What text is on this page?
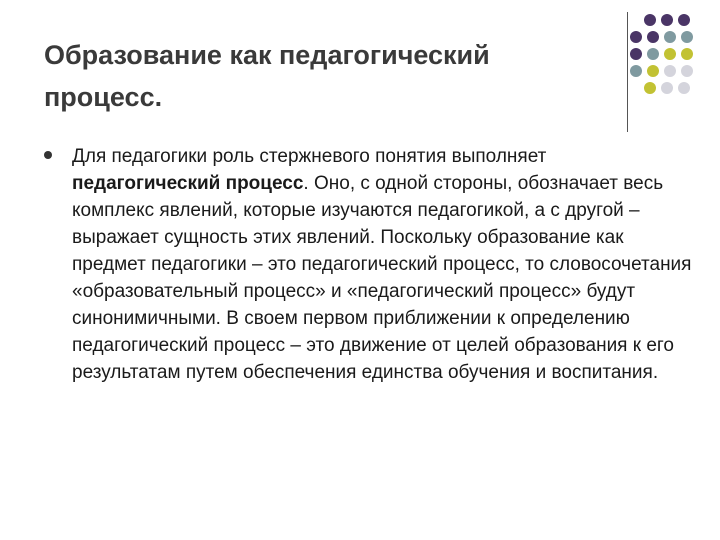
Образование как педагогический
процесс.

Для педагогики роль стержневого понятия выполняет педагогический процесс. Оно, с одной стороны, обозначает весь комплекс явлений, которые изучаются педагогикой, а с другой – выражает сущность этих явлений. Поскольку образование как предмет педагогики – это педагогический процесс, то словосочетания «образовательный процесс» и «педагогический процесс» будут синонимичными. В своем первом приближении к определению педагогический процесс – это движение от целей образования к его результатам путем обеспечения единства обучения и воспитания.
